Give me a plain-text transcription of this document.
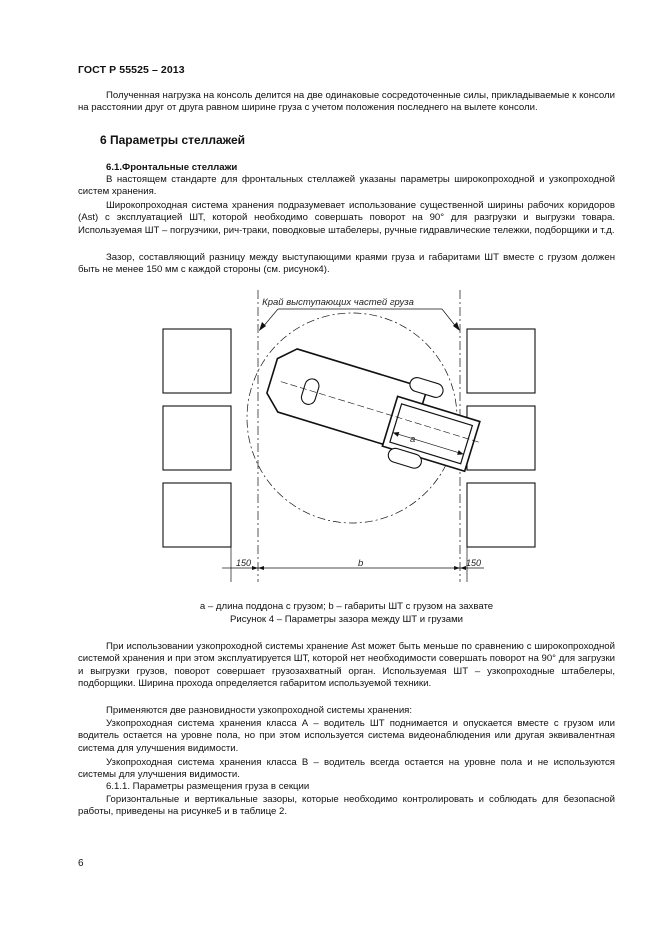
ГОСТ Р 55525 – 2013
Полученная нагрузка на консоль делится на две одинаковые сосредоточенные силы, прикладываемые к консоли на расстоянии друг от друга равном ширине груза с учетом положения последнего на вылете консоли.
6 Параметры стеллажей
6.1.Фронтальные стеллажи
В настоящем стандарте для фронтальных стеллажей указаны параметры широкопроходной и узкопроходной систем хранения.
Широкопроходная система хранения подразумевает использование существенной ширины рабочих коридоров (Ast) с эксплуатацией ШТ, которой необходимо совершать поворот на 90° для разгрузки и выгрузки товара. Используемая ШТ – погрузчики, рич-траки, поводковые штабелеры, ручные гидравлические тележки, подборщики и т.д.
Зазор, составляющий разницу между выступающими краями груза и габаритами ШТ вместе с грузом должен быть не менее 150 мм с каждой стороны (см. рисунок4).
Край выступающих частей груза
a
150	b	150
a – длина поддона с грузом; b – габариты ШТ с грузом на захвате
Рисунок 4 – Параметры зазора между ШТ и грузами
При использовании узкопроходной системы хранение Ast может быть меньше по сравнению с широкопроходной системой хранения и при этом эксплуатируется ШТ, которой нет необходимости совершать поворот на 90° для загрузки и выгрузки грузов, поворот совершает грузозахватный орган. Используемая ШТ – узкопроходные штабелеры, подборщики. Ширина прохода определяется габаритом используемой техники.
Применяются две разновидности узкопроходной системы хранения:
Узкопроходная система хранения класса А – водитель ШТ поднимается и опускается вместе с грузом или водитель остается на уровне пола, но при этом используется система видеонаблюдения или другая эквивалентная система для улучшения видимости.
Узкопроходная система хранения класса В – водитель всегда остается на уровне пола и не используются системы для улучшения видимости.
6.1.1. Параметры размещения груза в секции
Горизонтальные и вертикальные зазоры, которые необходимо контролировать и соблюдать для безопасной работы, приведены на рисунке5 и в таблице 2.
6
